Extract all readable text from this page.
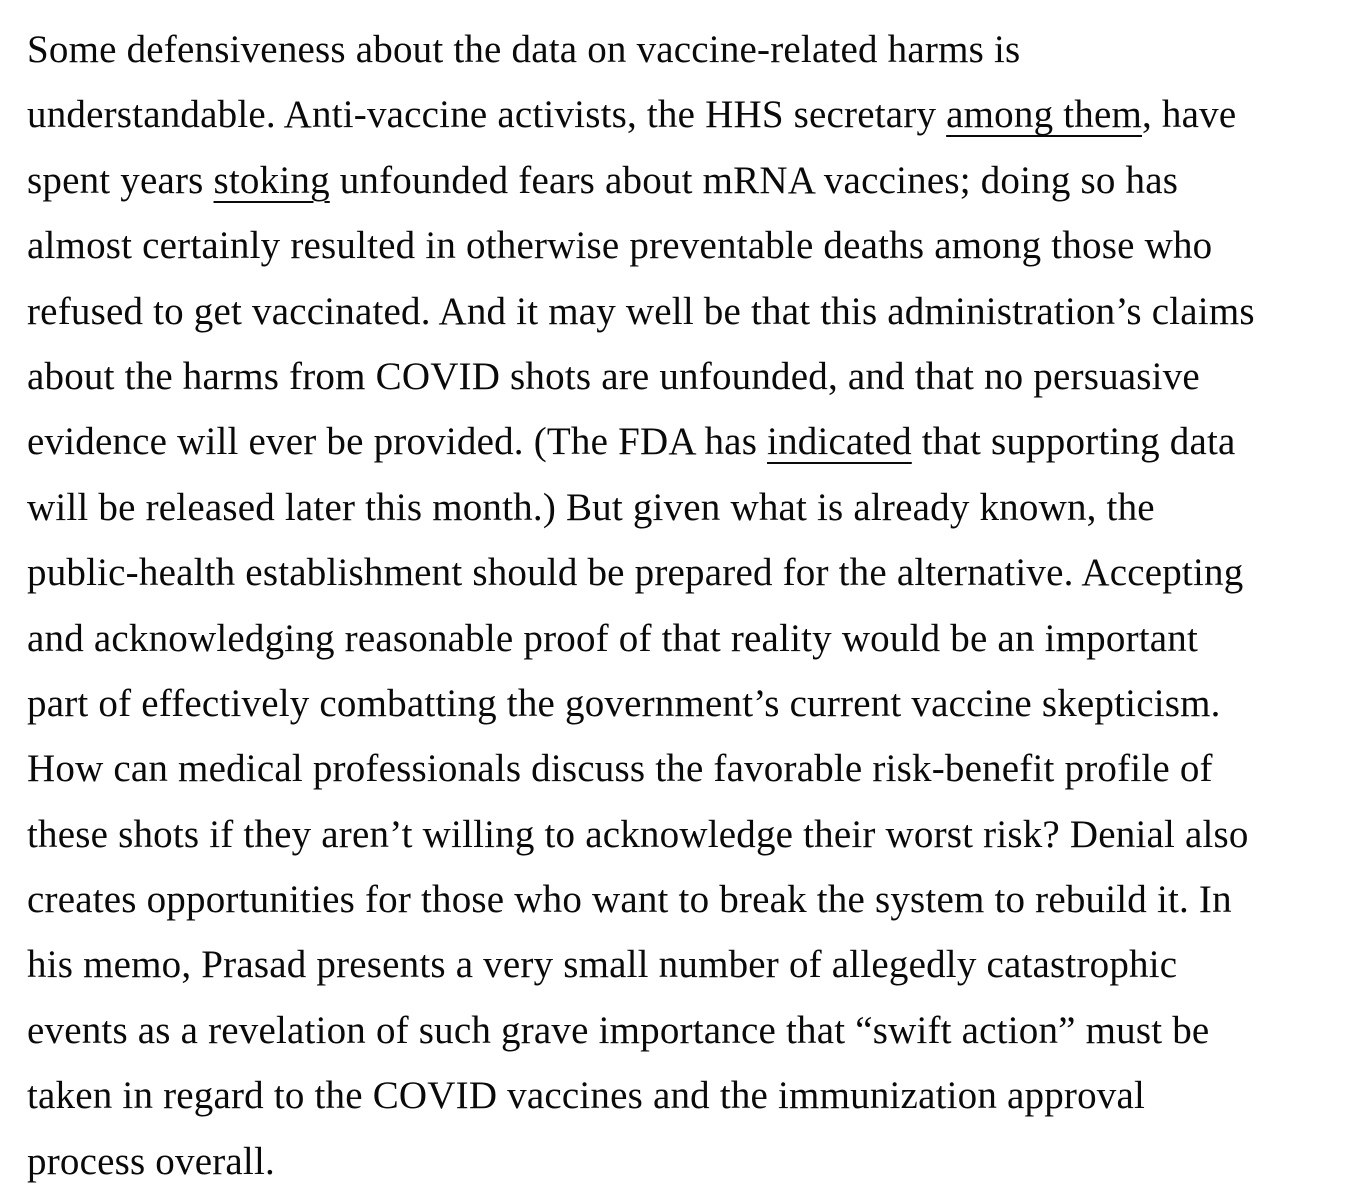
Some defensiveness about the data on vaccine-related harms is
understandable. Anti-vaccine activists, the HHS secretary among them, have
spent years stoking unfounded fears about mRNA vaccines; doing so has
almost certainly resulted in otherwise preventable deaths among those who
refused to get vaccinated. And it may well be that this administration’s claims
about the harms from COVID shots are unfounded, and that no persuasive
evidence will ever be provided. (The FDA has indicated that supporting data
will be released later this month.) But given what is already known, the
public-health establishment should be prepared for the alternative. Accepting
and acknowledging reasonable proof of that reality would be an important
part of effectively combatting the government’s current vaccine skepticism.
How can medical professionals discuss the favorable risk-benefit profile of
these shots if they aren’t willing to acknowledge their worst risk? Denial also
creates opportunities for those who want to break the system to rebuild it. In
his memo, Prasad presents a very small number of allegedly catastrophic
events as a revelation of such grave importance that “swift action” must be
taken in regard to the COVID vaccines and the immunization approval
process overall.
